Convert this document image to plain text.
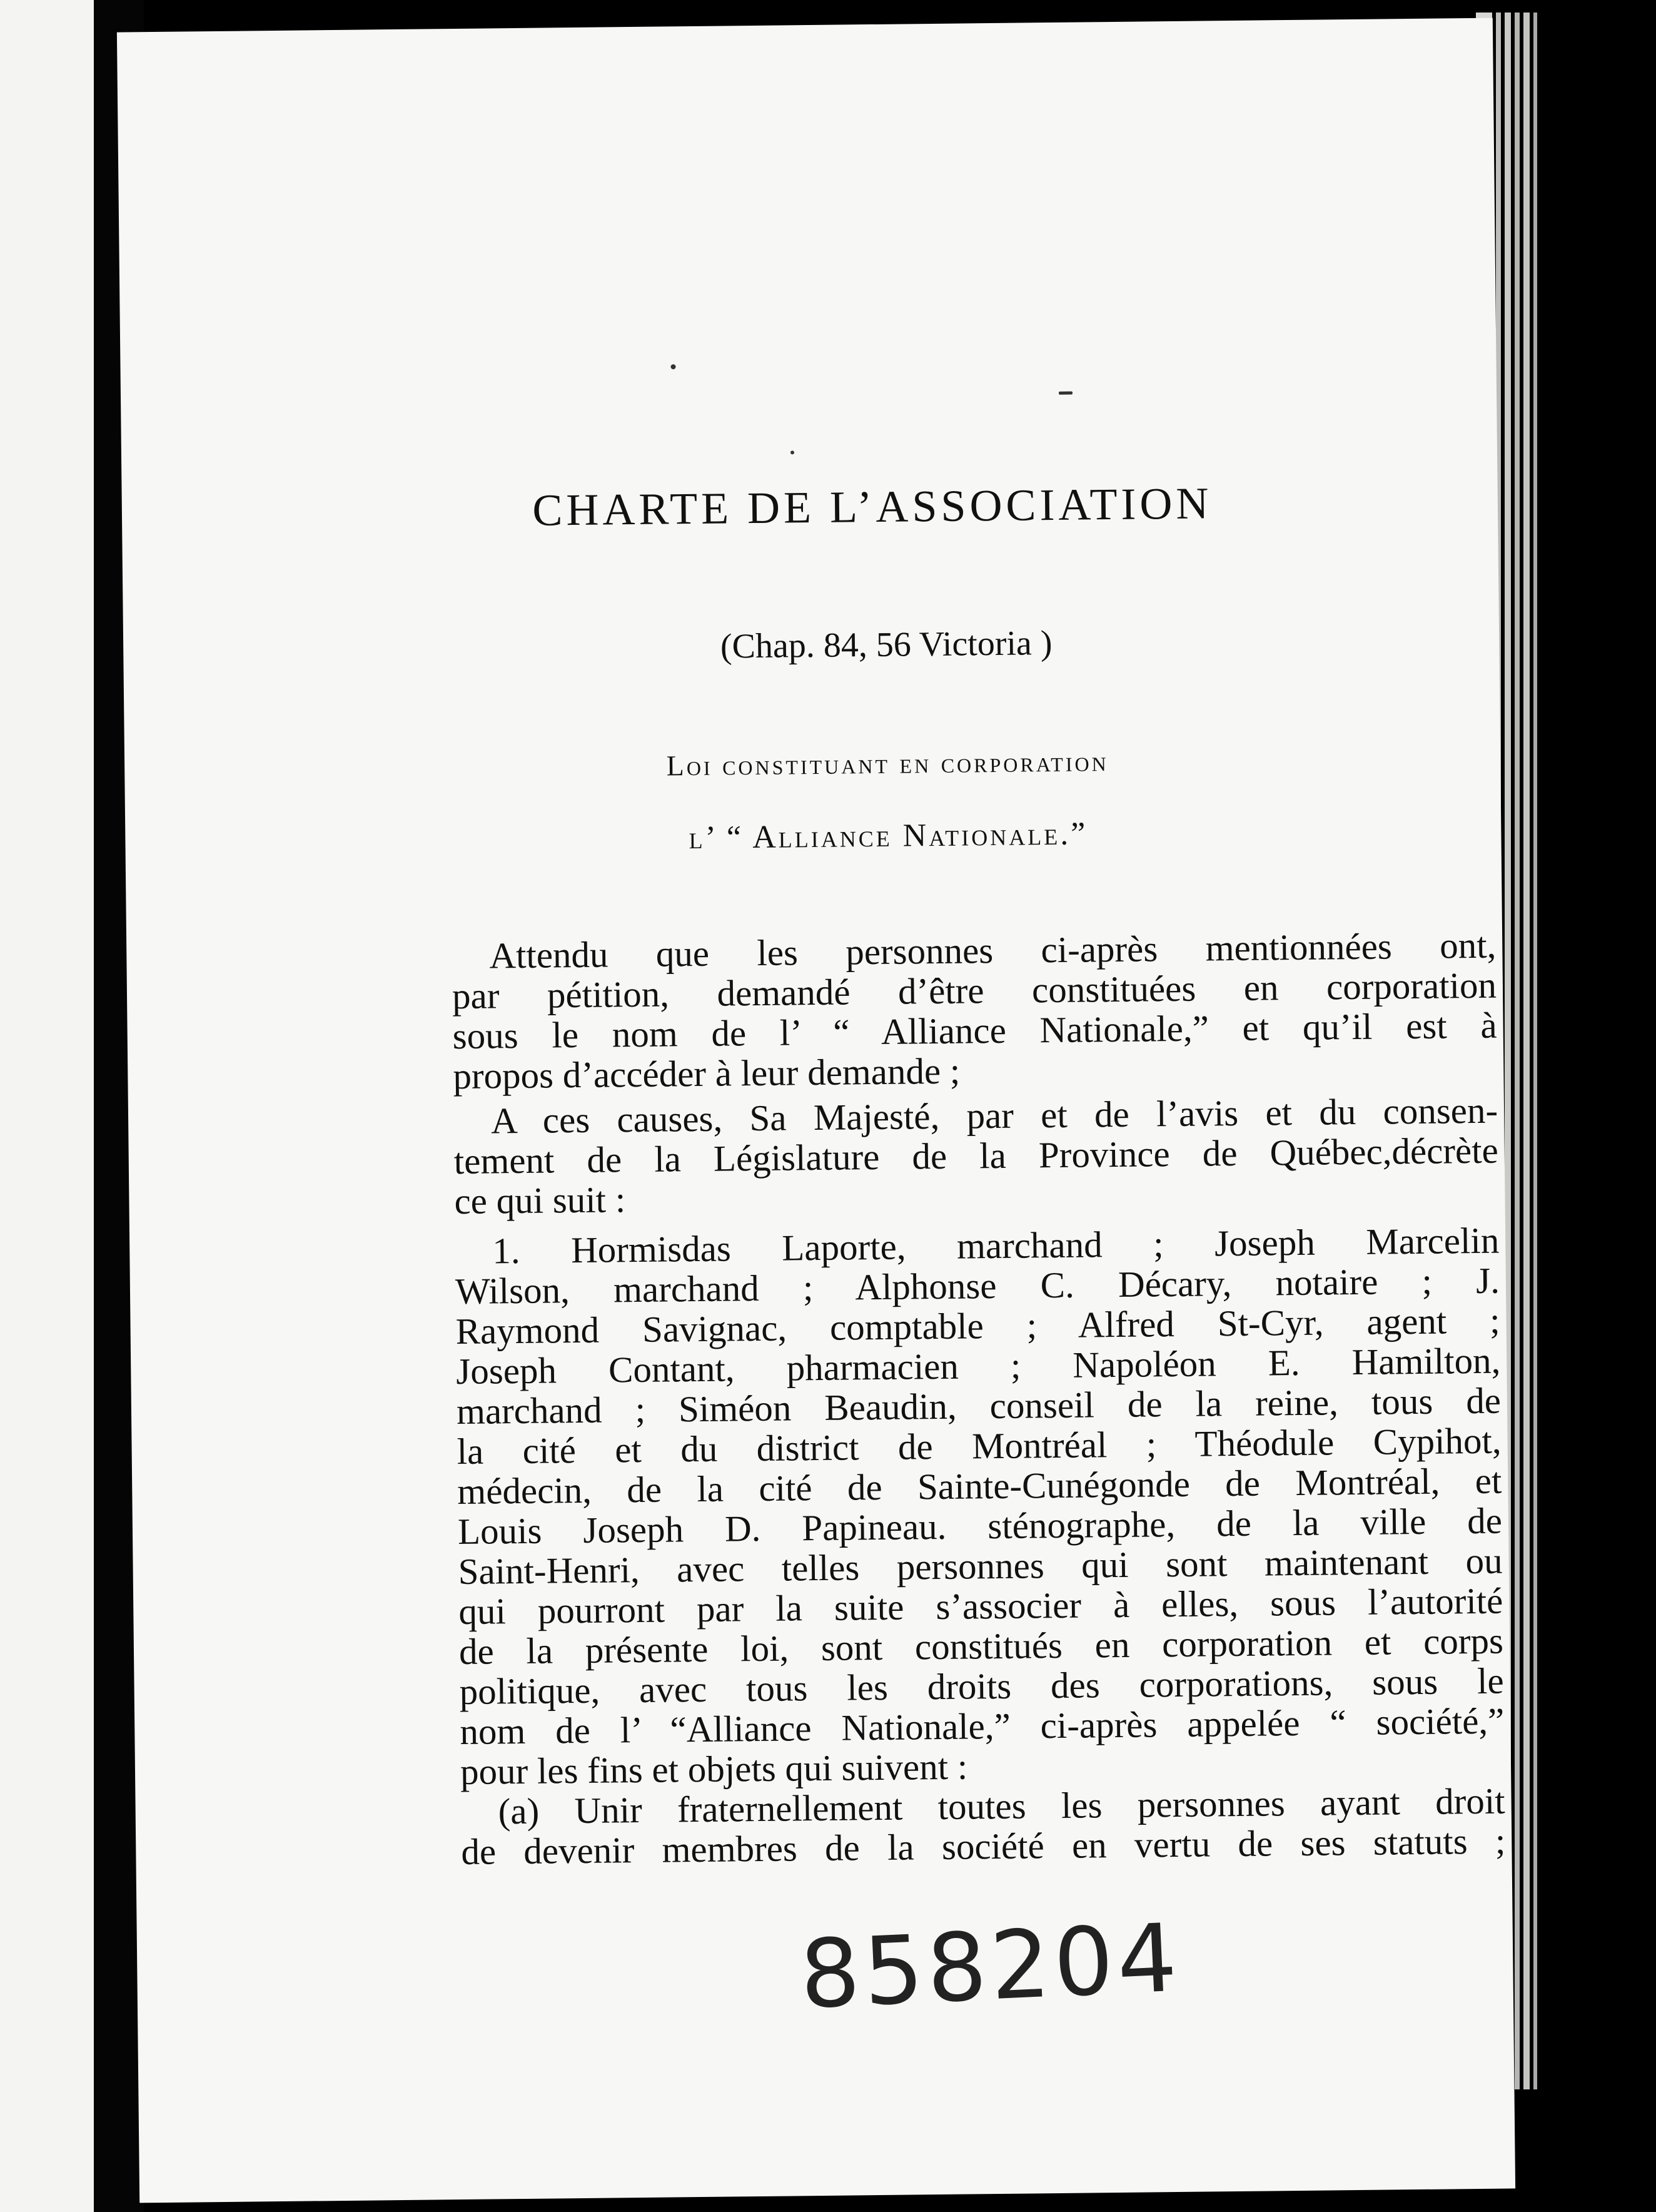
CHARTE DE L’ASSOCIATION
(Chap. 84, 56 Victoria )
Loi constituant en corporation
l’ “ Alliance Nationale.”

Attendu que les personnes ci-après mentionnées ont,
par pétition, demandé d’être constituées en corporation
sous le nom de l’ “ Alliance Nationale,” et qu’il est à
propos d’accéder à leur demande ;

A ces causes, Sa Majesté, par et de l’avis et du consen-
tement de la Législature de la Province de Québec,décrète
ce qui suit :

1. Hormisdas Laporte, marchand ; Joseph Marcelin
Wilson, marchand ; Alphonse C. Décary, notaire ; J.
Raymond Savignac, comptable ; Alfred St-Cyr, agent ;
Joseph Contant, pharmacien ; Napoléon E. Hamilton,
marchand ; Siméon Beaudin, conseil de la reine, tous de
la cité et du district de Montréal ; Théodule Cypihot,
médecin, de la cité de Sainte-Cunégonde de Montréal, et
Louis Joseph D. Papineau. sténographe, de la ville de
Saint-Henri, avec telles personnes qui sont maintenant ou
qui pourront par la suite s’associer à elles, sous l’autorité
de la présente loi, sont constitués en corporation et corps
politique, avec tous les droits des corporations, sous le
nom de l’ “Alliance Nationale,” ci-après appelée “ société,”
pour les fins et objets qui suivent :

(a) Unir fraternellement toutes les personnes ayant droit
de devenir membres de la société en vertu de ses statuts ;

858204
